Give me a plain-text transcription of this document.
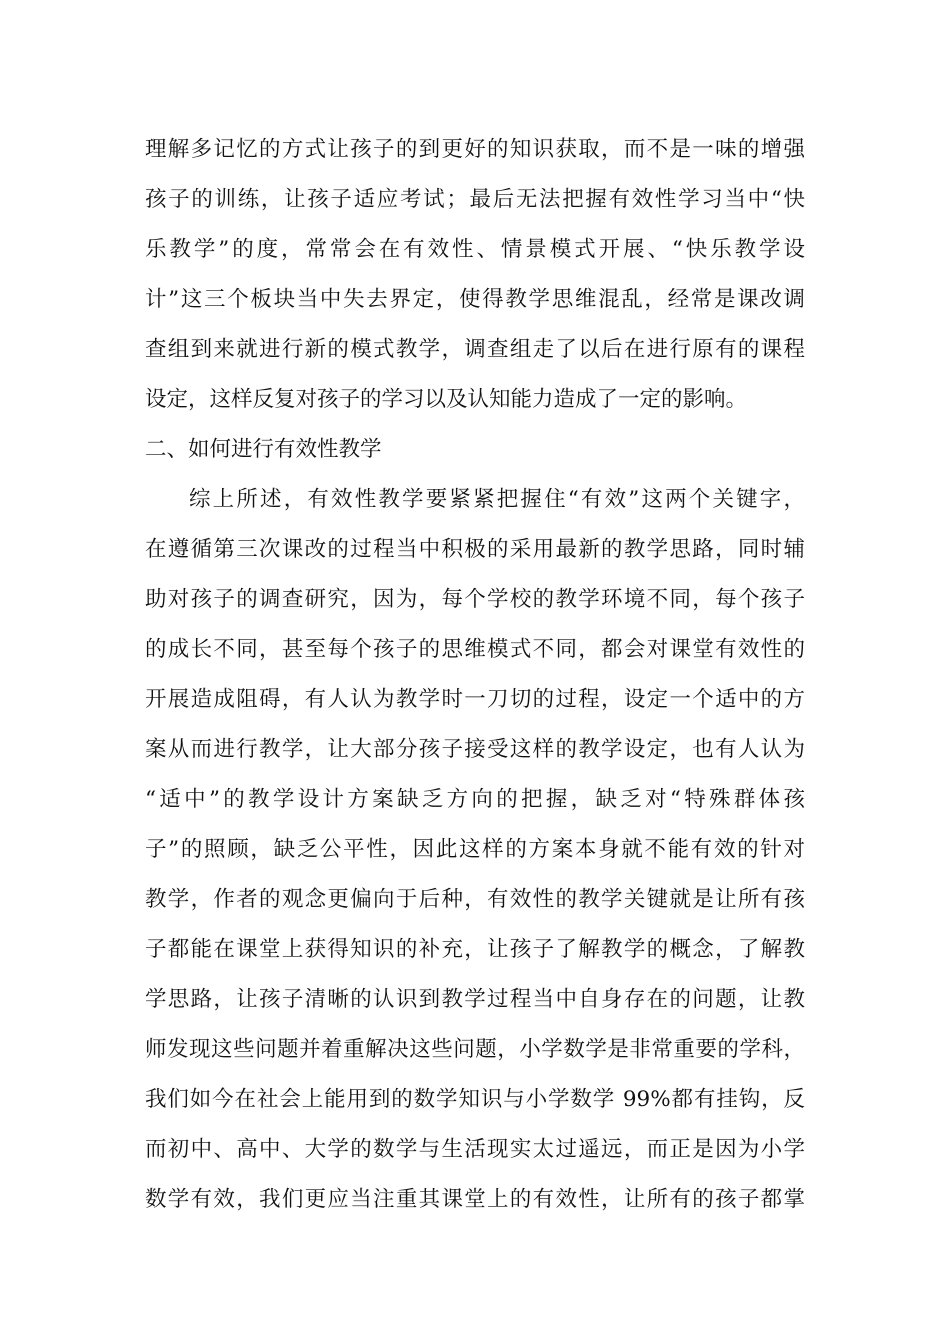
理解多记忆的方式让孩子的到更好的知识获取，而不是一味的增强
孩子的训练，让孩子适应考试；最后无法把握有效性学习当中“快
乐教学”的度，常常会在有效性、情景模式开展、“快乐教学设
计”这三个板块当中失去界定，使得教学思维混乱，经常是课改调
查组到来就进行新的模式教学，调查组走了以后在进行原有的课程
设定，这样反复对孩子的学习以及认知能力造成了一定的影响。
二、如何进行有效性教学
综上所述，有效性教学要紧紧把握住“有效”这两个关键字，
在遵循第三次课改的过程当中积极的采用最新的教学思路，同时辅
助对孩子的调查研究，因为，每个学校的教学环境不同，每个孩子
的成长不同，甚至每个孩子的思维模式不同，都会对课堂有效性的
开展造成阻碍，有人认为教学时一刀切的过程，设定一个适中的方
案从而进行教学，让大部分孩子接受这样的教学设定，也有人认为
“适中”的教学设计方案缺乏方向的把握，缺乏对“特殊群体孩
子”的照顾，缺乏公平性，因此这样的方案本身就不能有效的针对
教学，作者的观念更偏向于后种，有效性的教学关键就是让所有孩
子都能在课堂上获得知识的补充，让孩子了解教学的概念，了解教
学思路，让孩子清晰的认识到教学过程当中自身存在的问题，让教
师发现这些问题并着重解决这些问题，小学数学是非常重要的学科，
我们如今在社会上能用到的数学知识与小学数学 99%都有挂钩，反
而初中、高中、大学的数学与生活现实太过遥远，而正是因为小学
数学有效，我们更应当注重其课堂上的有效性，让所有的孩子都掌
